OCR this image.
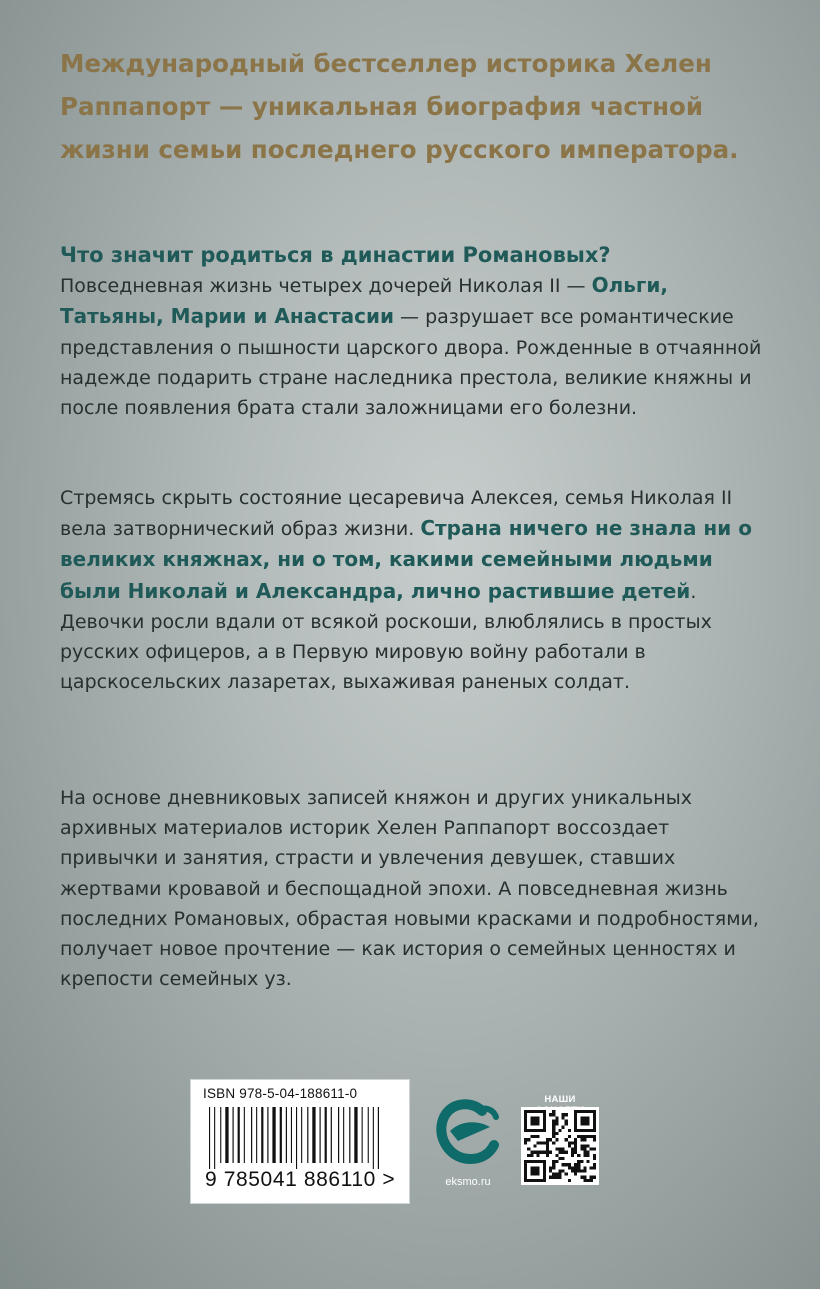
Международный бестселлер историка Хелен Раппапорт — уникальная биография частной жизни семьи последнего русского императора.

Что значит родиться в династии Романовых?
Повседневная жизнь четырех дочерей Николая II — Ольги, Татьяны, Марии и Анастасии — разрушает все романтические представления о пышности царского двора. Рожденные в отчаянной надежде подарить стране наследника престола, великие княжны и после появления брата стали заложницами его болезни.

Стремясь скрыть состояние цесаревича Алексея, семья Николая II вела затворнический образ жизни. Страна ничего не знала ни о великих княжнах, ни о том, какими семейными людьми были Николай и Александра, лично растившие детей. Девочки росли вдали от всякой роскоши, влюблялись в простых русских офицеров, а в Первую мировую войну работали в царскосельских лазаретах, выхаживая раненых солдат.

На основе дневниковых записей княжон и других уникальных архивных материалов историк Хелен Раппапорт воссоздает привычки и занятия, страсти и увлечения девушек, ставших жертвами кровавой и беспощадной эпохи. А повседневная жизнь последних Романовых, обрастая новыми красками и подробностями, получает новое прочтение — как история о семейных ценностях и крепости семейных уз.

ISBN 978-5-04-188611-0
9 785041 886110 >	eksmo.ru
НАШИ
